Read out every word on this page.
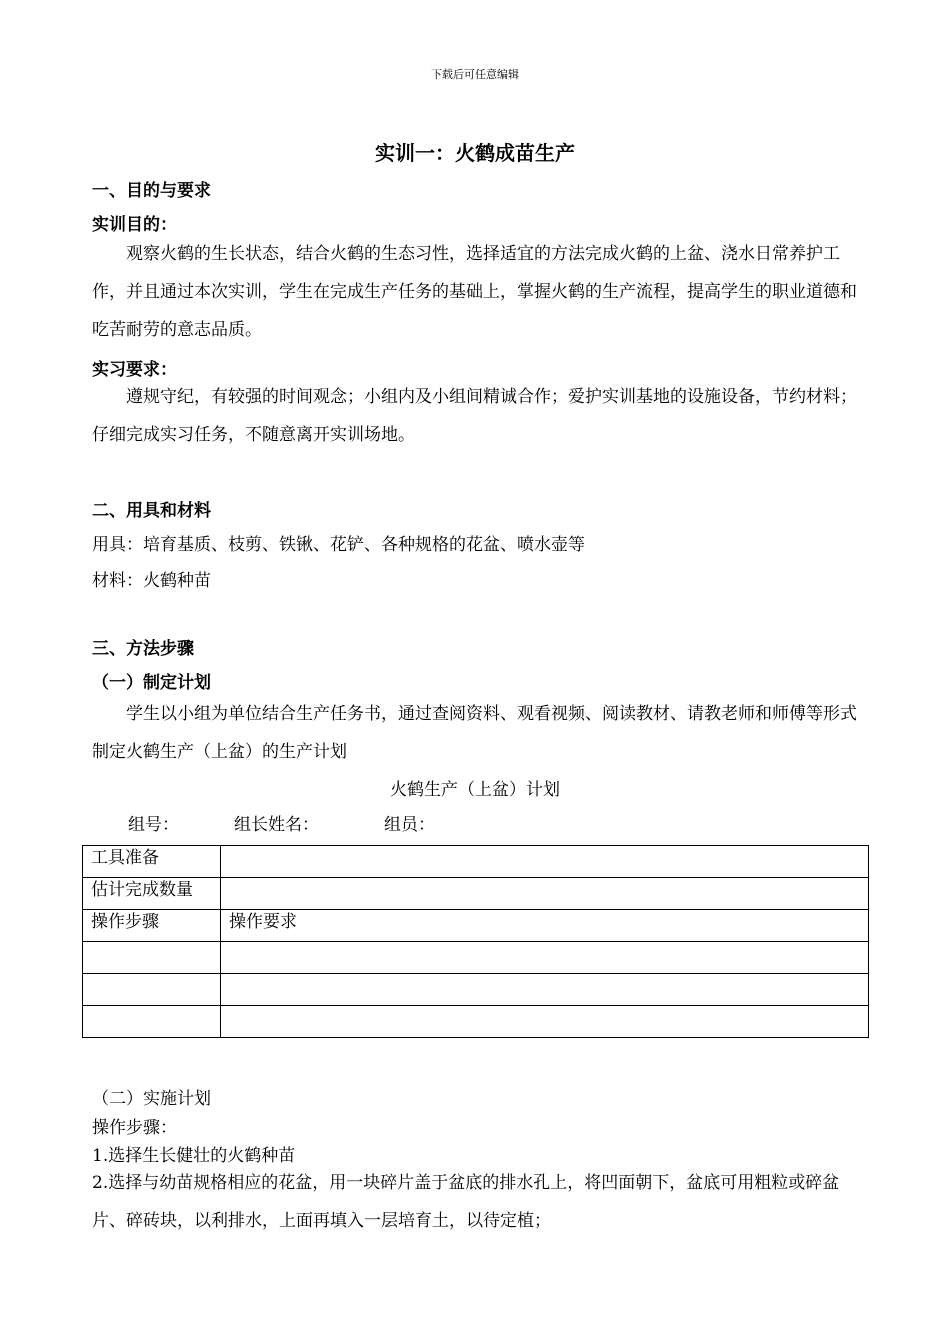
下载后可任意编辑
实训一：火鹤成苗生产
一、目的与要求
实训目的：
观察火鹤的生长状态，结合火鹤的生态习性，选择适宜的方法完成火鹤的上盆、浇水日常养护工作，并且通过本次实训，学生在完成生产任务的基础上，掌握火鹤的生产流程，提高学生的职业道德和吃苦耐劳的意志品质。
实习要求：
遵规守纪，有较强的时间观念；小组内及小组间精诚合作；爱护实训基地的设施设备，节约材料；仔细完成实习任务，不随意离开实训场地。
二、用具和材料
用具：培育基质、枝剪、铁锹、花铲、各种规格的花盆、喷水壶等
材料：火鹤种苗
三、方法步骤
（一）制定计划
学生以小组为单位结合生产任务书，通过查阅资料、观看视频、阅读教材、请教老师和师傅等形式制定火鹤生产（上盆）的生产计划
火鹤生产（上盆）计划
组号：	组长姓名：	组员：
工具准备	
估计完成数量	
操作步骤	操作要求

（二）实施计划
操作步骤：
1.选择生长健壮的火鹤种苗
2.选择与幼苗规格相应的花盆，用一块碎片盖于盆底的排水孔上，将凹面朝下，盆底可用粗粒或碎盆片、碎砖块，以利排水，上面再填入一层培育土，以待定植；
